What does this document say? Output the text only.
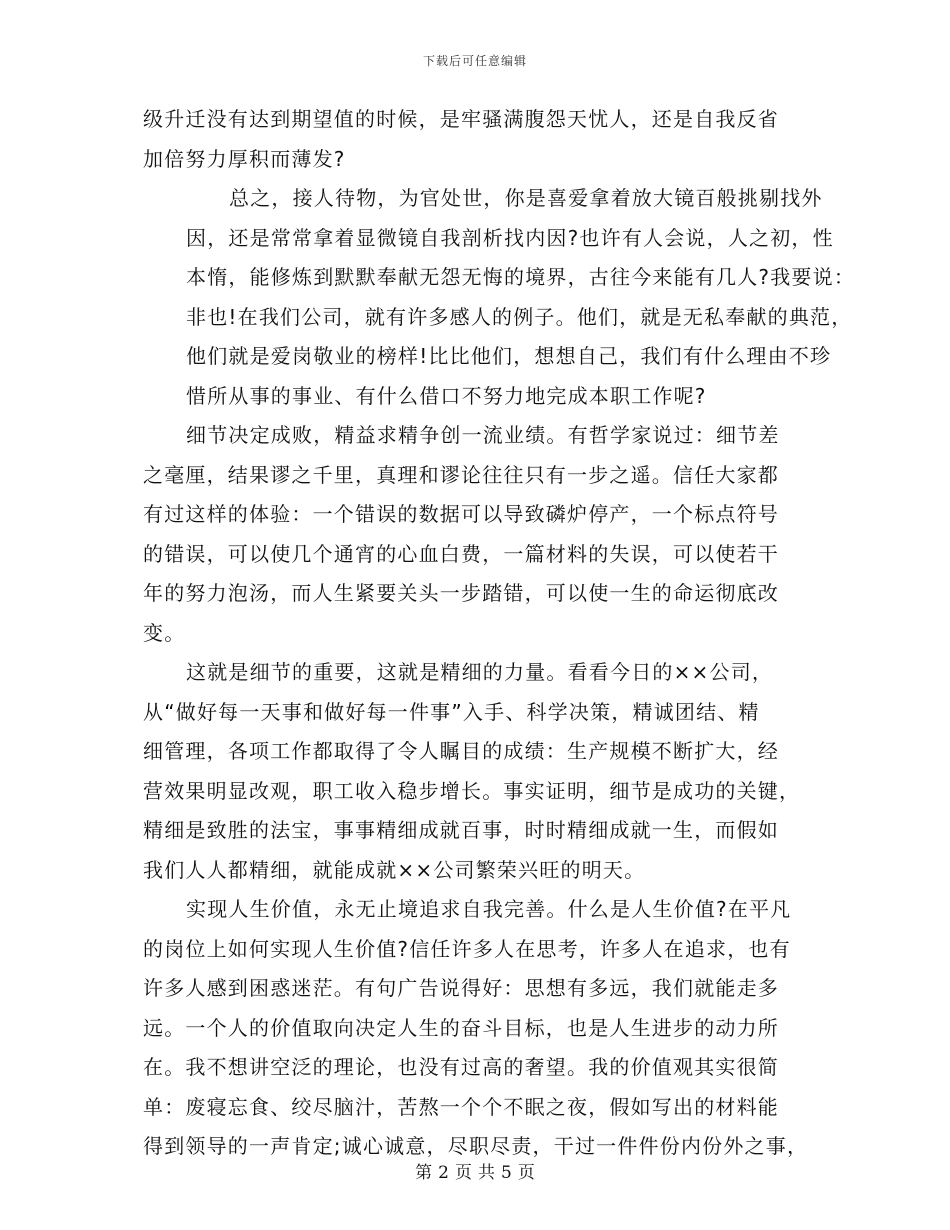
下载后可任意编辑

级升迁没有达到期望值的时候，是牢骚满腹怨天忧人，还是自我反省
加倍努力厚积而薄发?

总之，接人待物，为官处世，你是喜爱拿着放大镜百般挑剔找外
因，还是常常拿着显微镜自我剖析找内因?也许有人会说，人之初，性
本惰，能修炼到默默奉献无怨无悔的境界，古往今来能有几人?我要说：
非也!在我们公司，就有许多感人的例子。他们，就是无私奉献的典范，
他们就是爱岗敬业的榜样!比比他们，想想自己，我们有什么理由不珍
惜所从事的事业、有什么借口不努力地完成本职工作呢?

细节决定成败，精益求精争创一流业绩。有哲学家说过：细节差
之毫厘，结果谬之千里，真理和谬论往往只有一步之遥。信任大家都
有过这样的体验：一个错误的数据可以导致磷炉停产，一个标点符号
的错误，可以使几个通宵的心血白费，一篇材料的失误，可以使若干
年的努力泡汤，而人生紧要关头一步踏错，可以使一生的命运彻底改
变。

这就是细节的重要，这就是精细的力量。看看今日的××公司，
从“做好每一天事和做好每一件事”入手、科学决策，精诚团结、精
细管理，各项工作都取得了令人瞩目的成绩：生产规模不断扩大，经
营效果明显改观，职工收入稳步增长。事实证明，细节是成功的关键，
精细是致胜的法宝，事事精细成就百事，时时精细成就一生，而假如
我们人人都精细，就能成就××公司繁荣兴旺的明天。

实现人生价值，永无止境追求自我完善。什么是人生价值?在平凡
的岗位上如何实现人生价值?信任许多人在思考，许多人在追求，也有
许多人感到困惑迷茫。有句广告说得好：思想有多远，我们就能走多
远。一个人的价值取向决定人生的奋斗目标，也是人生进步的动力所
在。我不想讲空泛的理论，也没有过高的奢望。我的价值观其实很简
单：废寝忘食、绞尽脑汁，苦熬一个个不眠之夜，假如写出的材料能
得到领导的一声肯定;诚心诚意，尽职尽责，干过一件件份内份外之事，

第 2 页 共 5 页
